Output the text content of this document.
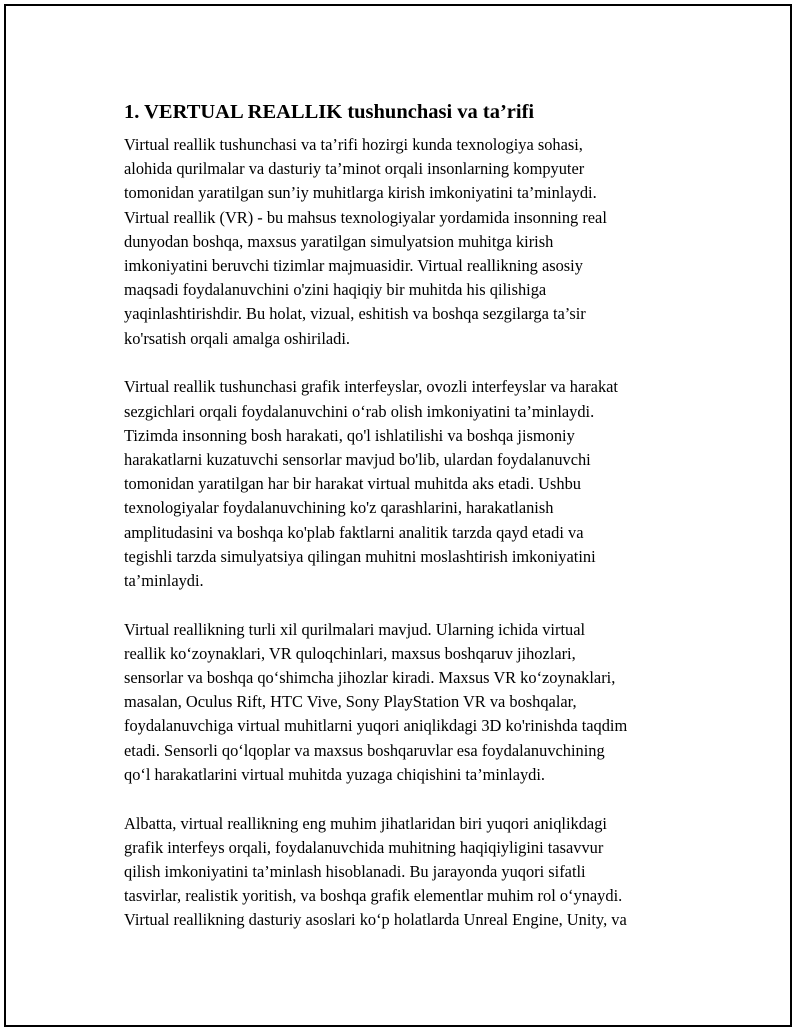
1. VERTUAL REALLIK tushunchasi va ta’rifi

Virtual reallik tushunchasi va ta’rifi hozirgi kunda texnologiya sohasi,
alohida qurilmalar va dasturiy ta’minot orqali insonlarning kompyuter
tomonidan yaratilgan sun’iy muhitlarga kirish imkoniyatini ta’minlaydi.
Virtual reallik (VR) - bu mahsus texnologiyalar yordamida insonning real
dunyodan boshqa, maxsus yaratilgan simulyatsion muhitga kirish
imkoniyatini beruvchi tizimlar majmuasidir. Virtual reallikning asosiy
maqsadi foydalanuvchini o'zini haqiqiy bir muhitda his qilishiga
yaqinlashtirishdir. Bu holat, vizual, eshitish va boshqa sezgilarga ta’sir
ko'rsatish orqali amalga oshiriladi.

Virtual reallik tushunchasi grafik interfeyslar, ovozli interfeyslar va harakat
sezgichlari orqali foydalanuvchini o‘rab olish imkoniyatini ta’minlaydi.
Tizimda insonning bosh harakati, qo'l ishlatilishi va boshqa jismoniy
harakatlarni kuzatuvchi sensorlar mavjud bo'lib, ulardan foydalanuvchi
tomonidan yaratilgan har bir harakat virtual muhitda aks etadi. Ushbu
texnologiyalar foydalanuvchining ko'z qarashlarini, harakatlanish
amplitudasini va boshqa ko'plab faktlarni analitik tarzda qayd etadi va
tegishli tarzda simulyatsiya qilingan muhitni moslashtirish imkoniyatini
ta’minlaydi.

Virtual reallikning turli xil qurilmalari mavjud. Ularning ichida virtual
reallik ko‘zoynaklari, VR quloqchinlari, maxsus boshqaruv jihozlari,
sensorlar va boshqa qo‘shimcha jihozlar kiradi. Maxsus VR ko‘zoynaklari,
masalan, Oculus Rift, HTC Vive, Sony PlayStation VR va boshqalar,
foydalanuvchiga virtual muhitlarni yuqori aniqlikdagi 3D ko'rinishda taqdim
etadi. Sensorli qo‘lqoplar va maxsus boshqaruvlar esa foydalanuvchining
qo‘l harakatlarini virtual muhitda yuzaga chiqishini ta’minlaydi.

Albatta, virtual reallikning eng muhim jihatlaridan biri yuqori aniqlikdagi
grafik interfeys orqali, foydalanuvchida muhitning haqiqiyligini tasavvur
qilish imkoniyatini ta’minlash hisoblanadi. Bu jarayonda yuqori sifatli
tasvirlar, realistik yoritish, va boshqa grafik elementlar muhim rol o‘ynaydi.
Virtual reallikning dasturiy asoslari ko‘p holatlarda Unreal Engine, Unity, va
